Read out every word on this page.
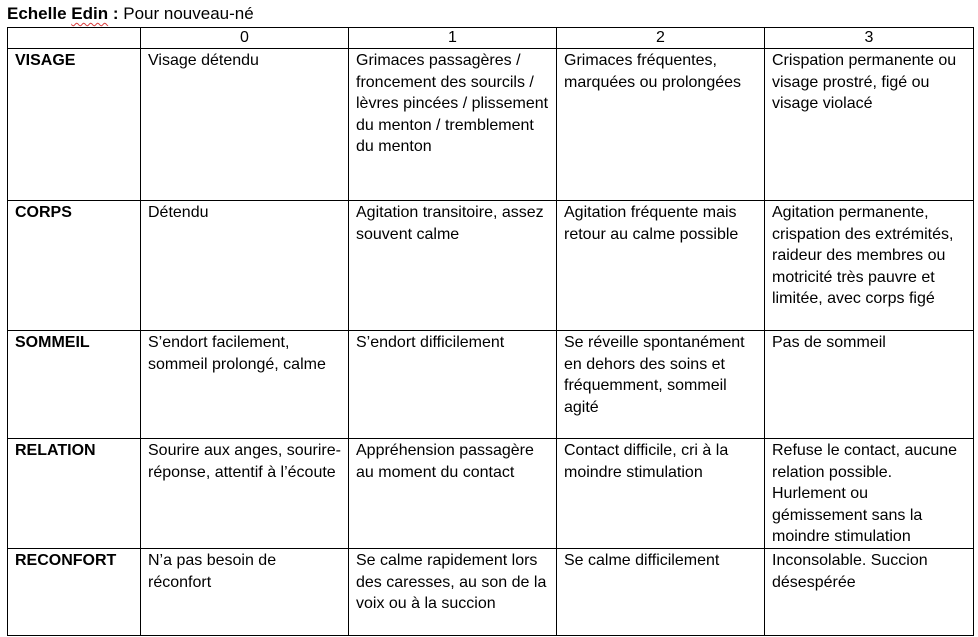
Echelle Edin : Pour nouveau-né
	0	1	2	3
VISAGE	Visage détendu	Grimaces passagères / froncement des sourcils / lèvres pincées / plissement du menton / tremblement du menton	Grimaces fréquentes, marquées ou prolongées	Crispation permanente ou visage prostré, figé ou visage violacé
CORPS	Détendu	Agitation transitoire, assez souvent calme	Agitation fréquente mais retour au calme possible	Agitation permanente, crispation des extrémités, raideur des membres ou motricité très pauvre et limitée, avec corps figé
SOMMEIL	S’endort facilement, sommeil prolongé, calme	S’endort difficilement	Se réveille spontanément en dehors des soins et fréquemment, sommeil agité	Pas de sommeil
RELATION	Sourire aux anges, sourire-réponse, attentif à l’écoute	Appréhension passagère au moment du contact	Contact difficile, cri à la moindre stimulation	Refuse le contact, aucune relation possible. Hurlement ou gémissement sans la moindre stimulation
RECONFORT	N’a pas besoin de réconfort	Se calme rapidement lors des caresses, au son de la voix ou à la succion	Se calme difficilement	Inconsolable. Succion désespérée
